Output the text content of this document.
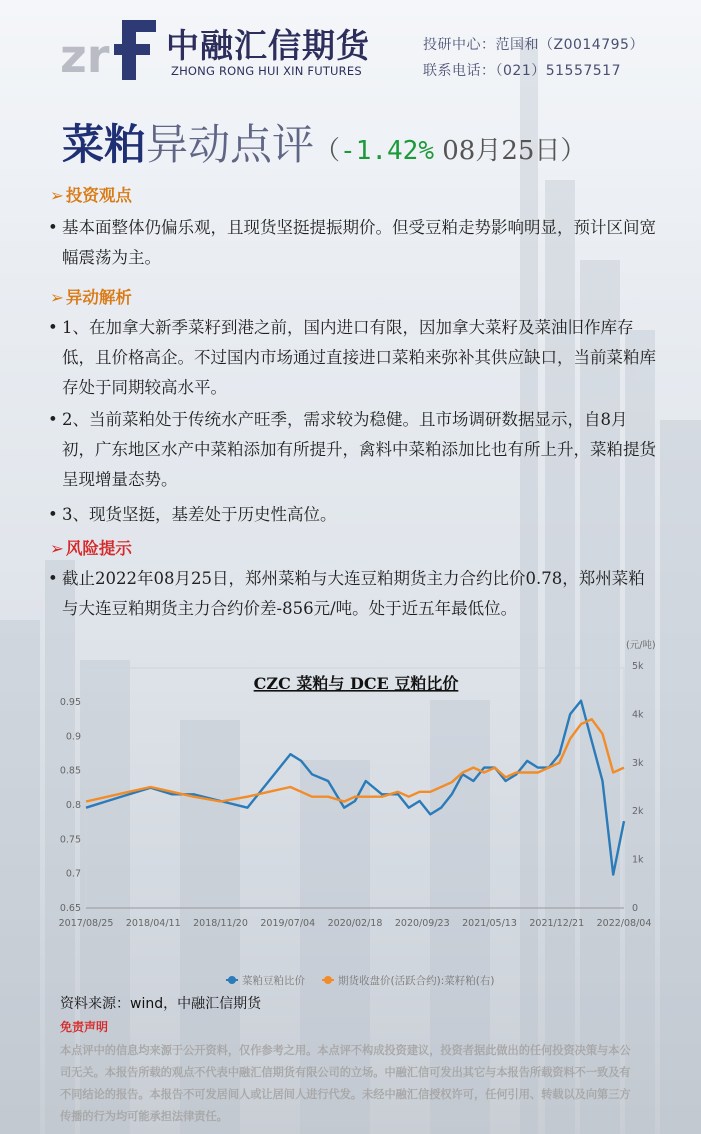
zr 中融汇信期货
ZHONG RONG HUI XIN FUTURES
投研中心：范国和（Z0014795）
联系电话：（021）51557517
菜粕异动点评（-1.42% 08月25日）
➢ 投资观点
• 基本面整体仍偏乐观，且现货坚挺提振期价。但受豆粕走势影响明显，预计区间宽幅震荡为主。
➢ 异动解析
• 1、在加拿大新季菜籽到港之前，国内进口有限，因加拿大菜籽及菜油旧作库存低，且价格高企。不过国内市场通过直接进口菜粕来弥补其供应缺口，当前菜粕库存处于同期较高水平。
• 2、当前菜粕处于传统水产旺季，需求较为稳健。且市场调研数据显示，自8月初，广东地区水产中菜粕添加有所提升，禽料中菜粕添加比也有所上升，菜粕提货呈现增量态势。
• 3、现货坚挺，基差处于历史性高位。
➢ 风险提示
• 截止2022年08月25日，郑州菜粕与大连豆粕期货主力合约比价0.78，郑州菜粕与大连豆粕期货主力合约价差-856元/吨。处于近五年最低位。
CZC 菜粕与 DCE 豆粕比价
(元/吨)
0.95
0.9
0.85
0.8
0.75
0.7
0.65
5k
4k
3k
2k
1k
0
2017/08/25 2018/04/11 2018/11/20 2019/07/04 2020/02/18 2020/09/23 2021/05/13 2021/12/21 2022/08/04
菜粕豆粕比价	期货收盘价(活跃合约):菜籽粕(右)
资料来源：wind，中融汇信期货
免责声明
本点评中的信息均来源于公开资料，仅作参考之用。本点评不构成投资建议，投资者据此做出的任何投资决策与本公司无关。本报告所载的观点不代表中融汇信期货有限公司的立场。中融汇信可发出其它与本报告所载资料不一致及有不同结论的报告。本报告不可发居间人或让居间人进行代发。未经中融汇信授权许可，任何引用、转载以及向第三方传播的行为均可能承担法律责任。
